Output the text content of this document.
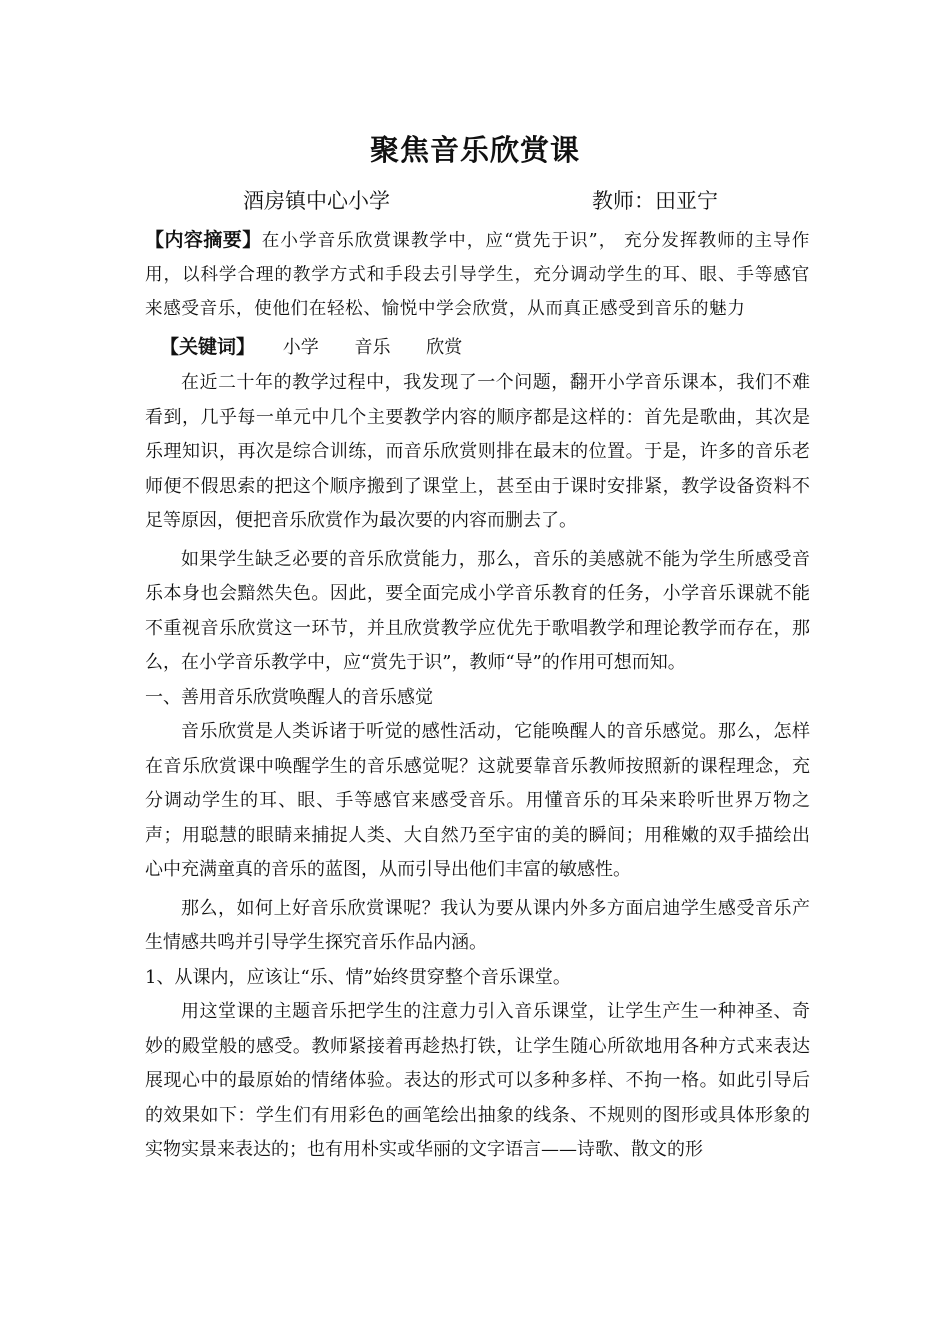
聚焦音乐欣赏课
酒房镇中心小学	教师：田亚宁
【内容摘要】在小学音乐欣赏课教学中，应“赏先于识”， 充分发挥教师的主导作用，以科学合理的教学方式和手段去引导学生，充分调动学生的耳、眼、手等感官来感受音乐，使他们在轻松、愉悦中学会欣赏，从而真正感受到音乐的魅力
【关键词】 小学 音乐 欣赏

在近二十年的教学过程中，我发现了一个问题，翻开小学音乐课本，我们不难看到，几乎每一单元中几个主要教学内容的顺序都是这样的：首先是歌曲，其次是乐理知识，再次是综合训练，而音乐欣赏则排在最末的位置。于是，许多的音乐老师便不假思索的把这个顺序搬到了课堂上，甚至由于课时安排紧，教学设备资料不足等原因，便把音乐欣赏作为最次要的内容而删去了。

如果学生缺乏必要的音乐欣赏能力，那么，音乐的美感就不能为学生所感受音乐本身也会黯然失色。因此，要全面完成小学音乐教育的任务，小学音乐课就不能不重视音乐欣赏这一环节，并且欣赏教学应优先于歌唱教学和理论教学而存在，那么，在小学音乐教学中，应“赏先于识”，教师“导”的作用可想而知。

一、善用音乐欣赏唤醒人的音乐感觉

音乐欣赏是人类诉诸于听觉的感性活动，它能唤醒人的音乐感觉。那么，怎样在音乐欣赏课中唤醒学生的音乐感觉呢？这就要靠音乐教师按照新的课程理念，充分调动学生的耳、眼、手等感官来感受音乐。用懂音乐的耳朵来聆听世界万物之声；用聪慧的眼睛来捕捉人类、大自然乃至宇宙的美的瞬间；用稚嫩的双手描绘出心中充满童真的音乐的蓝图，从而引导出他们丰富的敏感性。

那么，如何上好音乐欣赏课呢？我认为要从课内外多方面启迪学生感受音乐产生情感共鸣并引导学生探究音乐作品内涵。

1、从课内，应该让“乐、情”始终贯穿整个音乐课堂。

用这堂课的主题音乐把学生的注意力引入音乐课堂，让学生产生一种神圣、奇妙的殿堂般的感受。教师紧接着再趁热打铁，让学生随心所欲地用各种方式来表达展现心中的最原始的情绪体验。表达的形式可以多种多样、不拘一格。如此引导后的效果如下：学生们有用彩色的画笔绘出抽象的线条、不规则的图形或具体形象的实物实景来表达的；也有用朴实或华丽的文字语言——诗歌、散文的形
